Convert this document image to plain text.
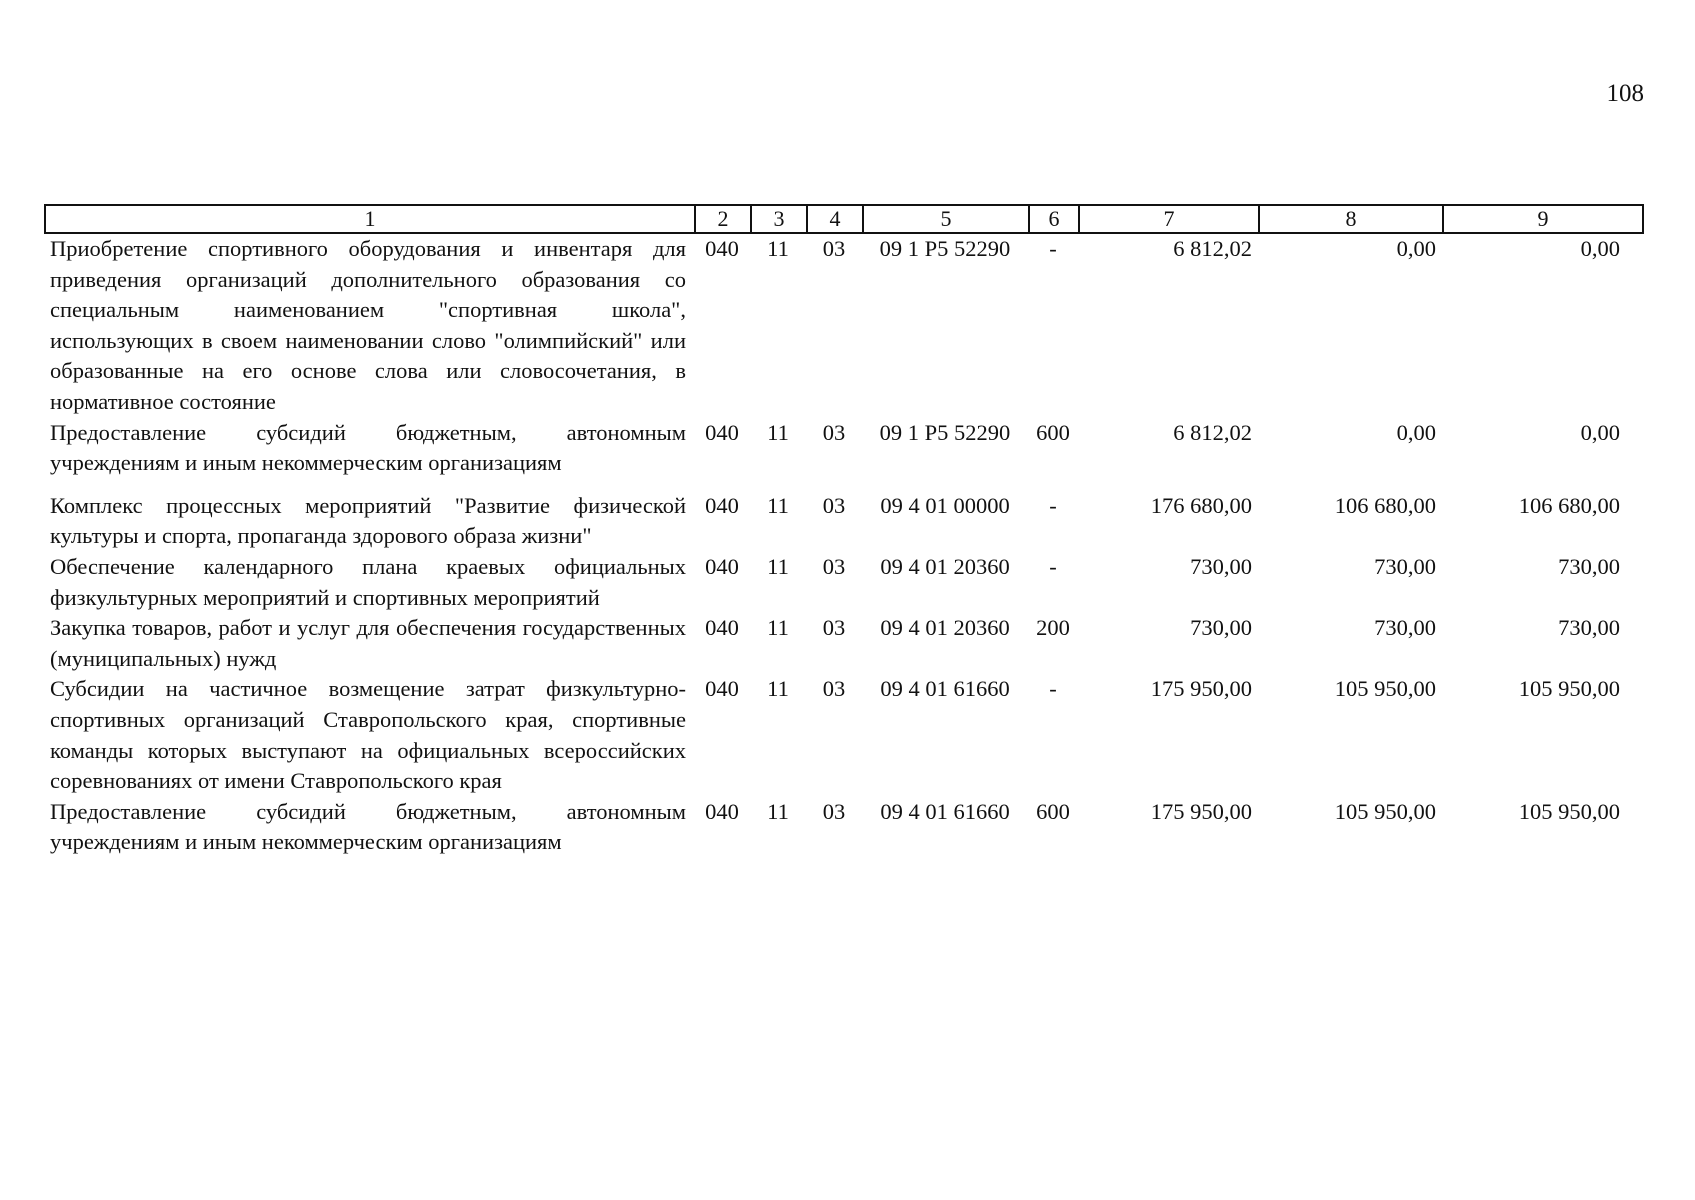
108
1	2	3	4	5	6	7	8	9
Приобретение спортивного оборудования и инвентаря для приведения организаций дополнительного образования со специальным наименованием "спортивная школа", использующих в своем наименовании слово "олимпийский" или образованные на его основе слова или словосочетания, в нормативное состояние	040	11	03	09 1 P5 52290	-	6 812,02	0,00	0,00
Предоставление субсидий бюджетным, автономным учреждениям и иным некоммерческим организациям	040	11	03	09 1 P5 52290	600	6 812,02	0,00	0,00
Комплекс процессных мероприятий "Развитие физической культуры и спорта, пропаганда здорового образа жизни"	040	11	03	09 4 01 00000	-	176 680,00	106 680,00	106 680,00
Обеспечение календарного плана краевых официальных физкультурных мероприятий и спортивных мероприятий	040	11	03	09 4 01 20360	-	730,00	730,00	730,00
Закупка товаров, работ и услуг для обеспечения государственных (муниципальных) нужд	040	11	03	09 4 01 20360	200	730,00	730,00	730,00
Субсидии на частичное возмещение затрат физкультурно-спортивных организаций Ставропольского края, спортивные команды которых выступают на официальных всероссийских соревнованиях от имени Ставропольского края	040	11	03	09 4 01 61660	-	175 950,00	105 950,00	105 950,00
Предоставление субсидий бюджетным, автономным учреждениям и иным некоммерческим организациям	040	11	03	09 4 01 61660	600	175 950,00	105 950,00	105 950,00
